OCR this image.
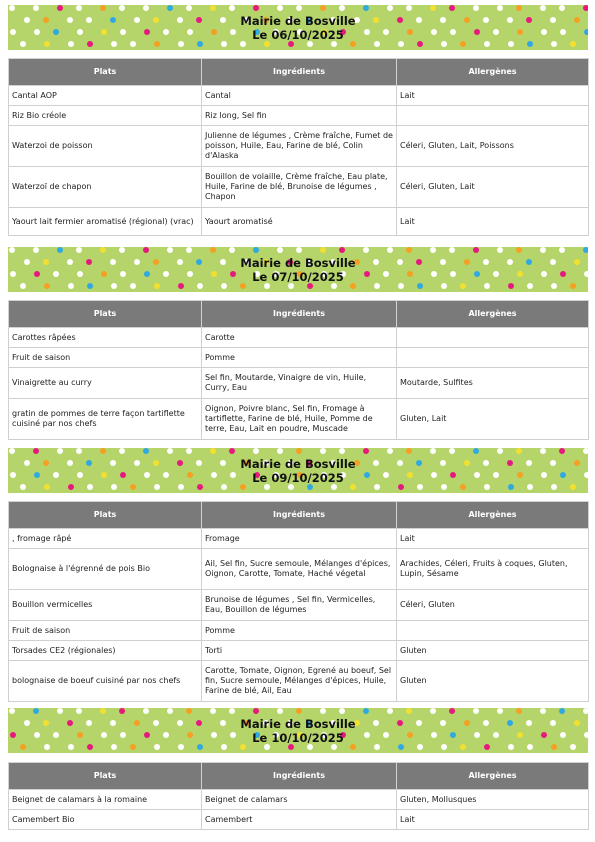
Mairie de Bosville
Le 06/10/2025
Plats	Ingrédients	Allergènes
Cantal AOP	Cantal	Lait
Riz Bio créole	Riz long, Sel fin	
Waterzoi de poisson	Julienne de légumes , Crème fraîche, Fumet de poisson, Huile, Eau, Farine de blé, Colin d'Alaska	Céleri, Gluten, Lait, Poissons
Waterzoï de chapon	Bouillon de volaille, Crème fraîche, Eau plate, Huile, Farine de blé, Brunoise de légumes , Chapon	Céleri, Gluten, Lait
Yaourt lait fermier aromatisé (régional) (vrac)	Yaourt aromatisé	Lait
Mairie de Bosville
Le 07/10/2025
Plats	Ingrédients	Allergènes
Carottes râpées	Carotte	
Fruit de saison	Pomme	
Vinaigrette au curry	Sel fin, Moutarde, Vinaigre de vin, Huile, Curry, Eau	Moutarde, Sulfites
gratin de pommes de terre façon tartiflette cuisiné par nos chefs	Oignon, Poivre blanc, Sel fin, Fromage à tartiflette, Farine de blé, Huile, Pomme de terre, Eau, Lait en poudre, Muscade	Gluten, Lait
Mairie de Bosville
Le 09/10/2025
Plats	Ingrédients	Allergènes
, fromage râpé	Fromage	Lait
Bolognaise à l'égrenné de pois Bio	Ail, Sel fin, Sucre semoule, Mélanges d'épices, Oignon, Carotte, Tomate, Haché végetal	Arachides, Céleri, Fruits à coques, Gluten, Lupin, Sésame
Bouillon vermicelles	Brunoise de légumes , Sel fin, Vermicelles, Eau, Bouillon de légumes	Céleri, Gluten
Fruit de saison	Pomme	
Torsades CE2 (régionales)	Torti	Gluten
bolognaise de boeuf cuisiné par nos chefs	Carotte, Tomate, Oignon, Egrené au boeuf, Sel fin, Sucre semoule, Mélanges d'épices, Huile, Farine de blé, Ail, Eau	Gluten
Mairie de Bosville
Le 10/10/2025
Plats	Ingrédients	Allergènes
Beignet de calamars à la romaine	Beignet de calamars	Gluten, Mollusques
Camembert Bio	Camembert	Lait
